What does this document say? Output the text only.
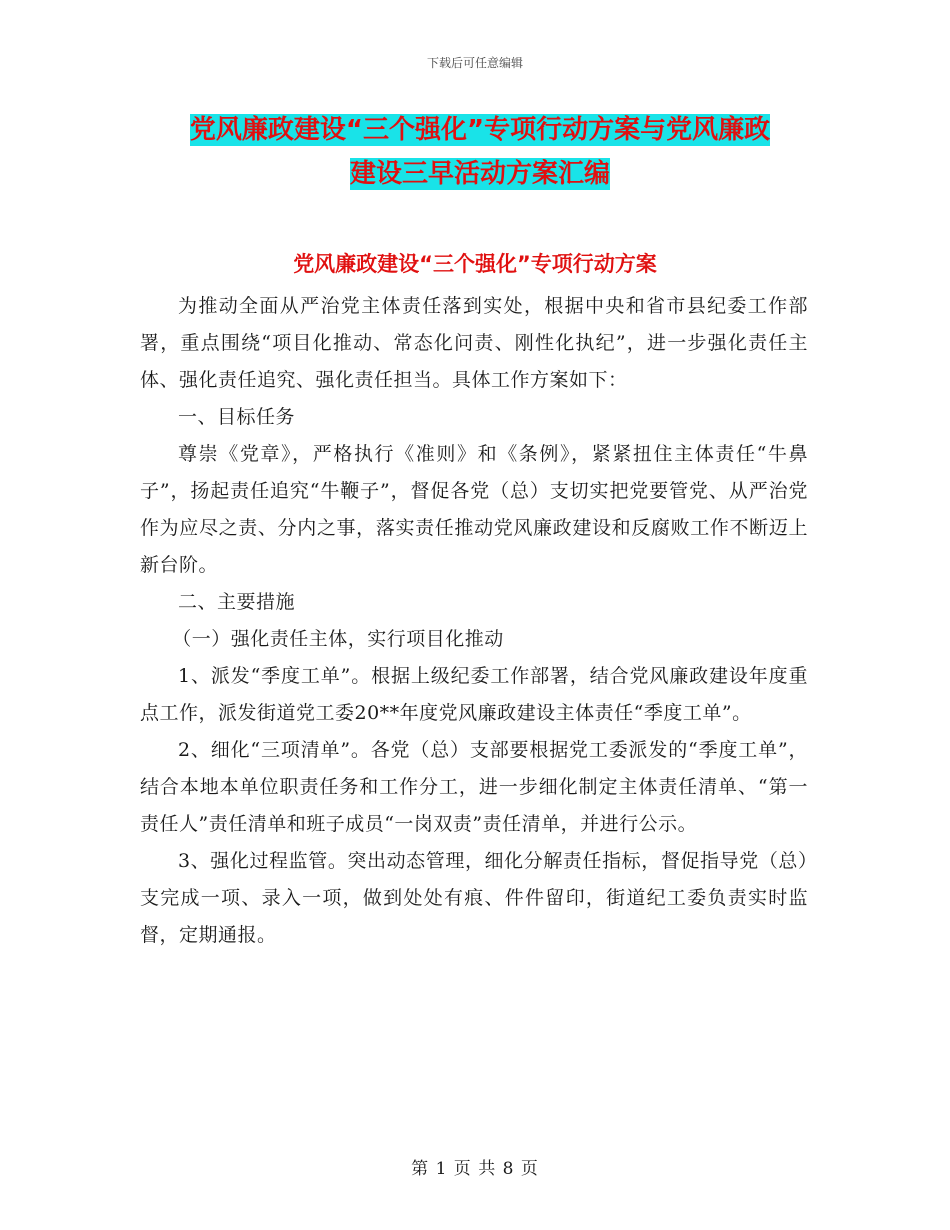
下载后可任意编辑
党风廉政建设“三个强化”专项行动方案与党风廉政
建设三早活动方案汇编
党风廉政建设“三个强化”专项行动方案

为推动全面从严治党主体责任落到实处，根据中央和省市县纪委工作部署，重点围绕“项目化推动、常态化问责、刚性化执纪”，进一步强化责任主体、强化责任追究、强化责任担当。具体工作方案如下：

一、目标任务

尊崇《党章》，严格执行《准则》和《条例》，紧紧扭住主体责任“牛鼻子”，扬起责任追究“牛鞭子”，督促各党（总）支切实把党要管党、从严治党作为应尽之责、分内之事，落实责任推动党风廉政建设和反腐败工作不断迈上新台阶。

二、主要措施

（一）强化责任主体，实行项目化推动

1、派发“季度工单”。根据上级纪委工作部署，结合党风廉政建设年度重点工作，派发街道党工委20**年度党风廉政建设主体责任“季度工单”。

2、细化“三项清单”。各党（总）支部要根据党工委派发的“季度工单”，结合本地本单位职责任务和工作分工，进一步细化制定主体责任清单、“第一责任人”责任清单和班子成员“一岗双责”责任清单，并进行公示。

3、强化过程监管。突出动态管理，细化分解责任指标，督促指导党（总）支完成一项、录入一项，做到处处有痕、件件留印，街道纪工委负责实时监督，定期通报。

第 1 页 共 8 页
